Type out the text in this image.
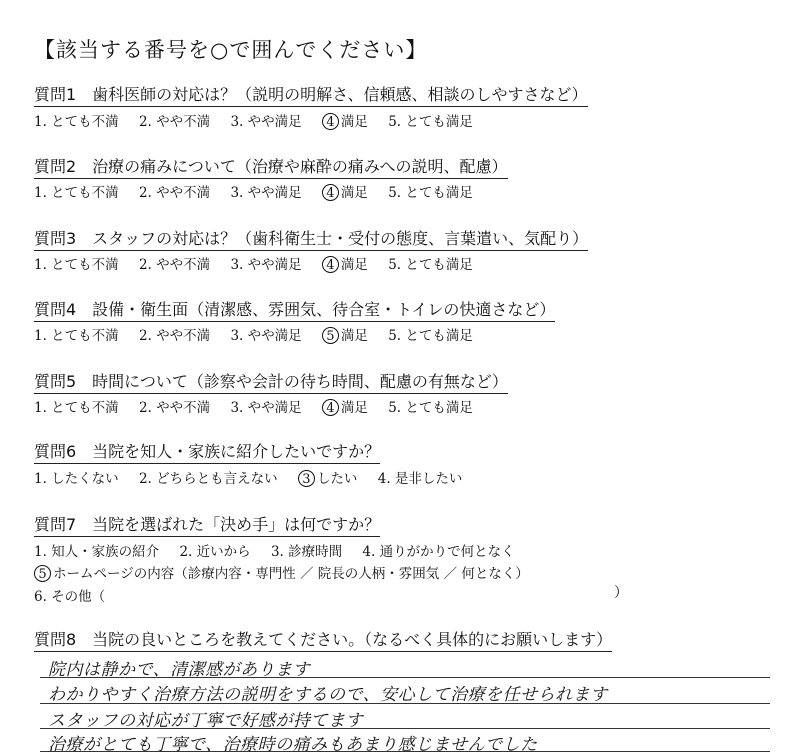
【該当する番号を○で囲んでください】
質問1　歯科医師の対応は？（説明の明解さ、信頼感、相談のしやすさなど）
1. とても不満 2. やや不満 3. やや満足 4 満足 5. とても満足
質問2　治療の痛みについて（治療や麻酔の痛みへの説明、配慮）
1. とても不満 2. やや不満 3. やや満足 4 満足 5. とても満足
質問3　スタッフの対応は？（歯科衛生士・受付の態度、言葉遣い、気配り）
1. とても不満 2. やや不満 3. やや満足 4 満足 5. とても満足
質問4　設備・衛生面（清潔感、雰囲気、待合室・トイレの快適さなど）
1. とても不満 2. やや不満 3. やや満足 5 満足 5. とても満足
質問5　時間について（診察や会計の待ち時間、配慮の有無など）
1. とても不満 2. やや不満 3. やや満足 4 満足 5. とても満足
質問6　当院を知人・家族に紹介したいですか？
1. したくない 2. どちらとも言えない 3 したい 4. 是非したい
質問7　当院を選ばれた「決め手」は何ですか？
1. 知人・家族の紹介 2. 近いから 3. 診療時間 4. 通りがかりで何となく
5 ホームページの内容（診療内容・専門性 ／ 院長の人柄・雰囲気 ／ 何となく）
6. その他（	）
質問8　当院の良いところを教えてください。（なるべく具体的にお願いします）
院内は静かで、清潔感があります
わかりやすく治療方法の説明をするので、安心して治療を任せられます
スタッフの対応が丁寧で好感が持てます
治療がとても丁寧で、治療時の痛みもあまり感じませんでした
